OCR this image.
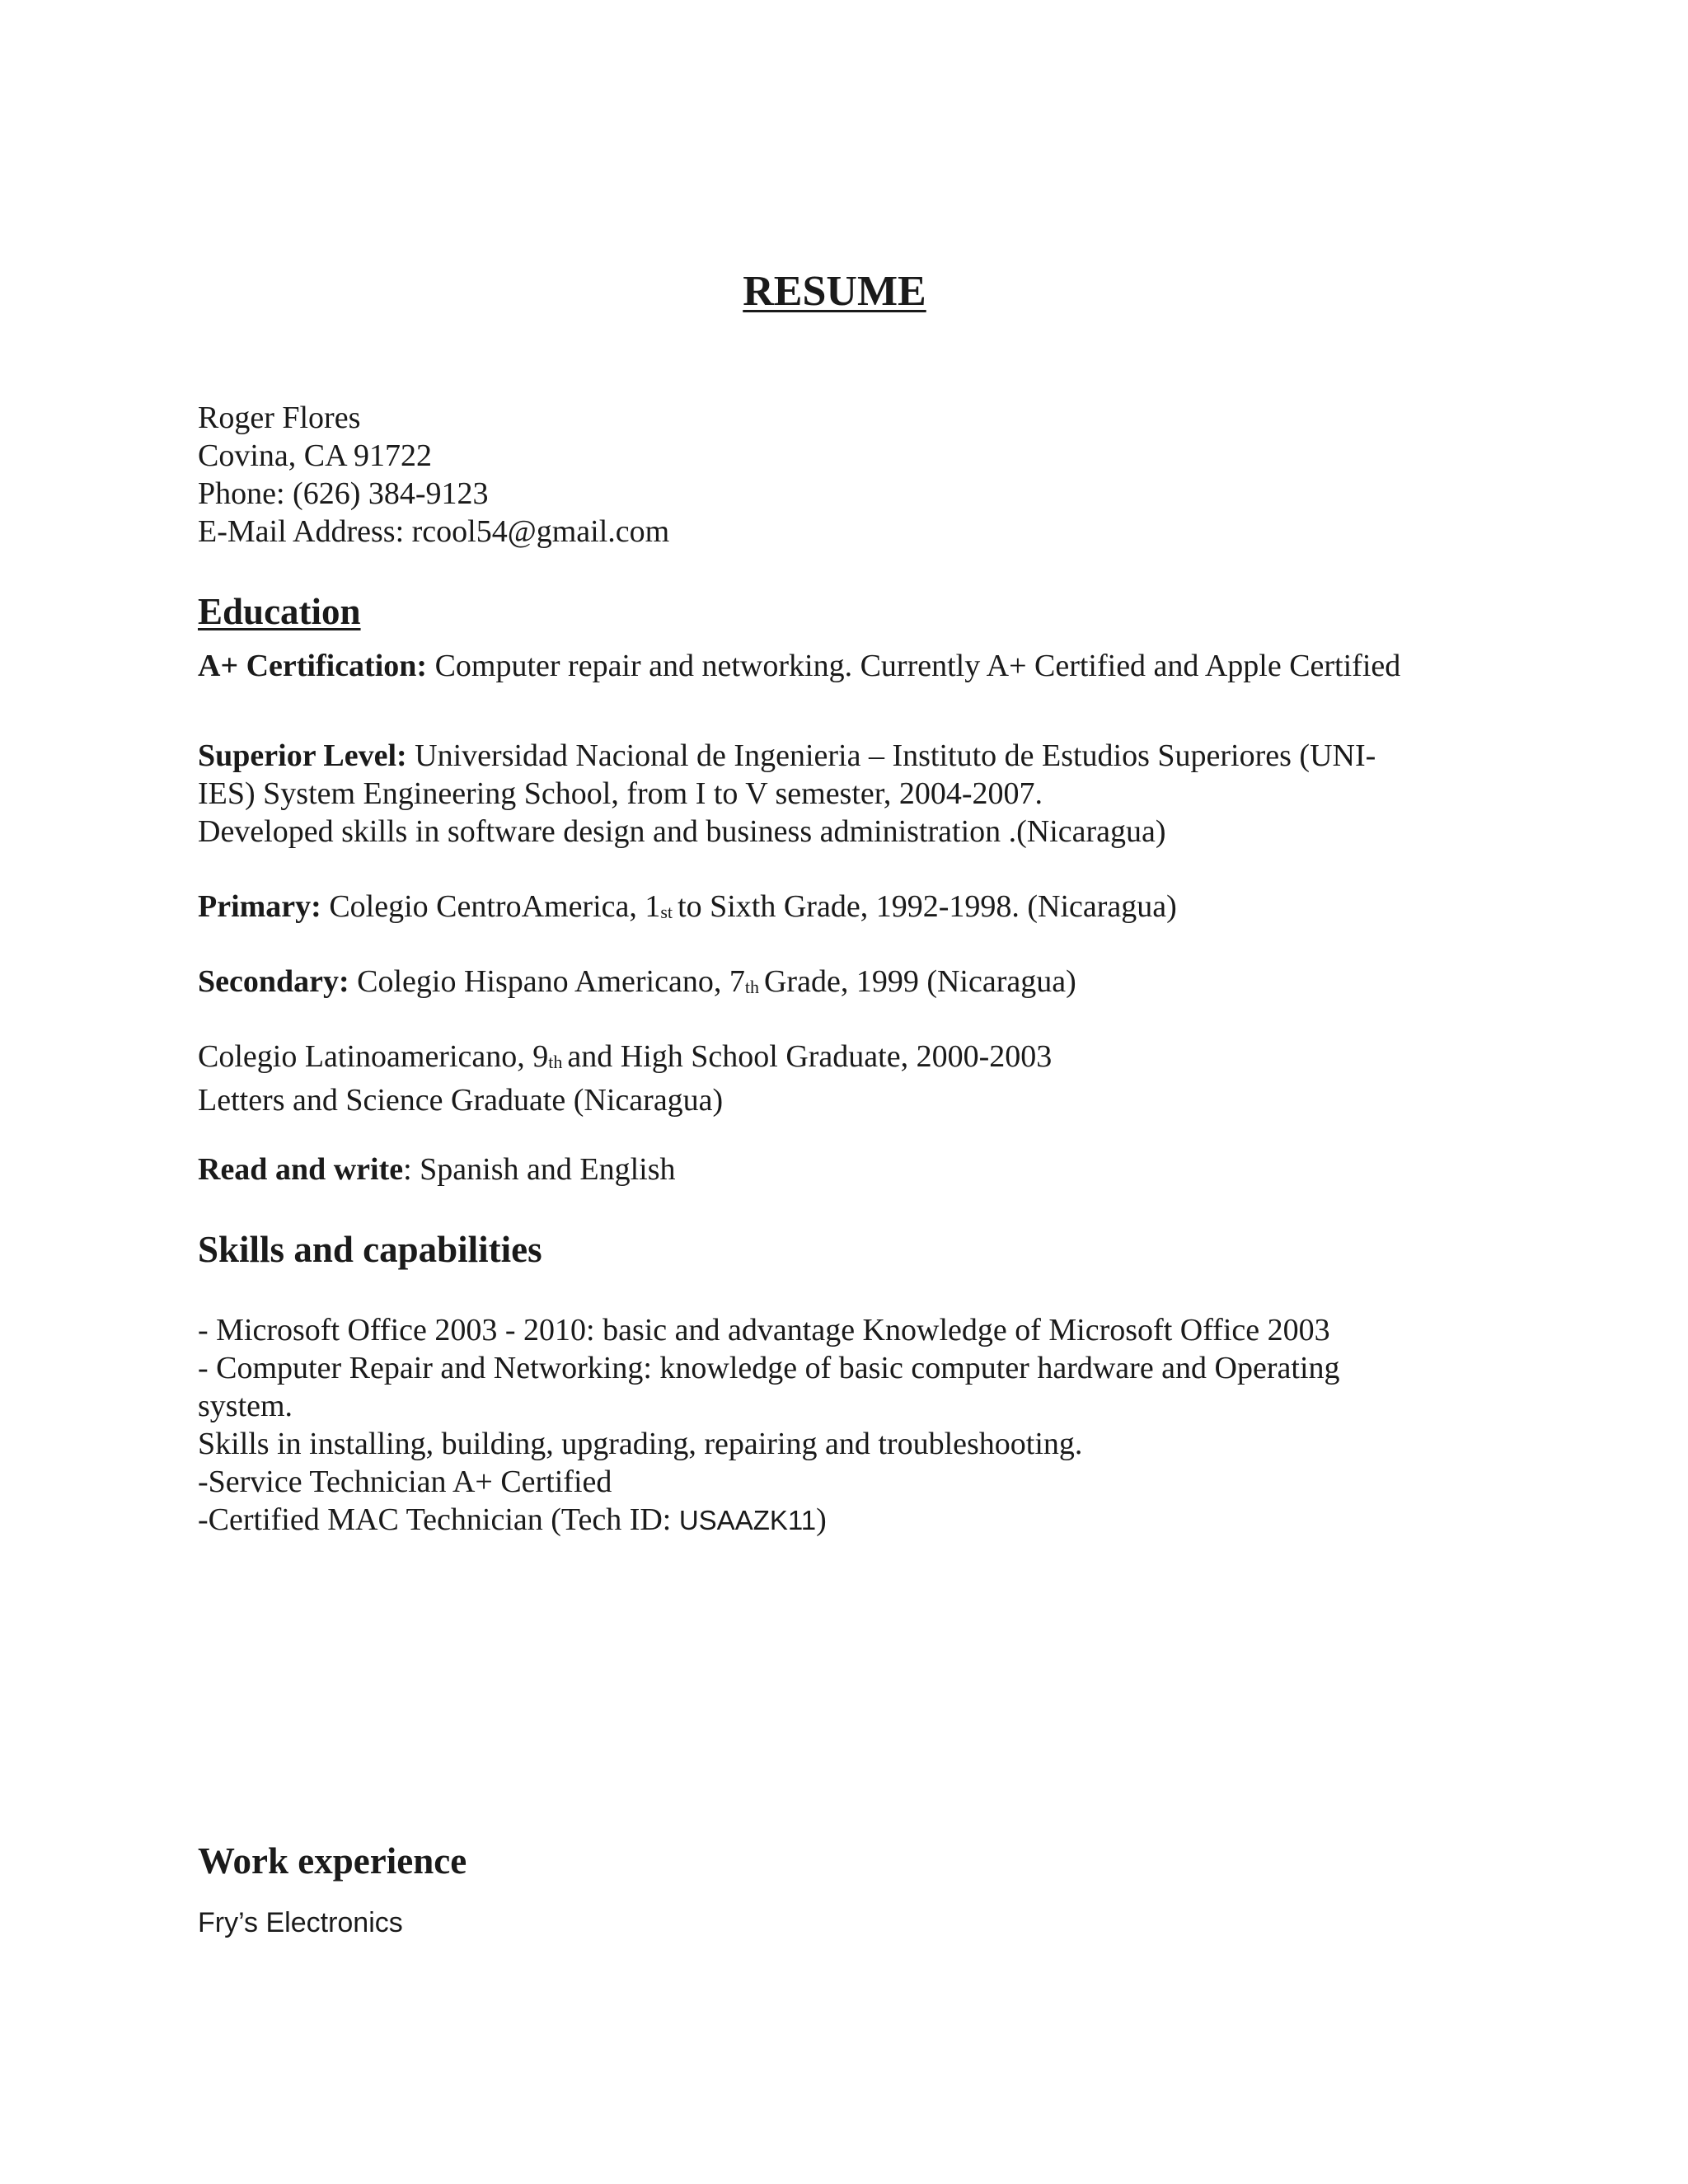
RESUME
Roger Flores
Covina, CA 91722
Phone: (626) 384-9123
E-Mail Address: rcool54@gmail.com
Education
A+ Certification: Computer repair and networking. Currently A+ Certified and Apple Certified
Superior Level: Universidad Nacional de Ingenieria – Instituto de Estudios Superiores (UNI-
IES) System Engineering School, from I to V semester, 2004-2007.
Developed skills in software design and business administration .(Nicaragua)
Primary: Colegio CentroAmerica, 1st to Sixth Grade, 1992-1998. (Nicaragua)
Secondary: Colegio Hispano Americano, 7th Grade, 1999 (Nicaragua)
Colegio Latinoamericano, 9th and High School Graduate, 2000-2003
Letters and Science Graduate (Nicaragua)
Read and write: Spanish and English
Skills and capabilities
- Microsoft Office 2003 - 2010: basic and advantage Knowledge of Microsoft Office 2003
- Computer Repair and Networking: knowledge of basic computer hardware and Operating
system.
Skills in installing, building, upgrading, repairing and troubleshooting.
-Service Technician A+ Certified
-Certified MAC Technician (Tech ID: USAAZK11)
Work experience
Fry’s Electronics
